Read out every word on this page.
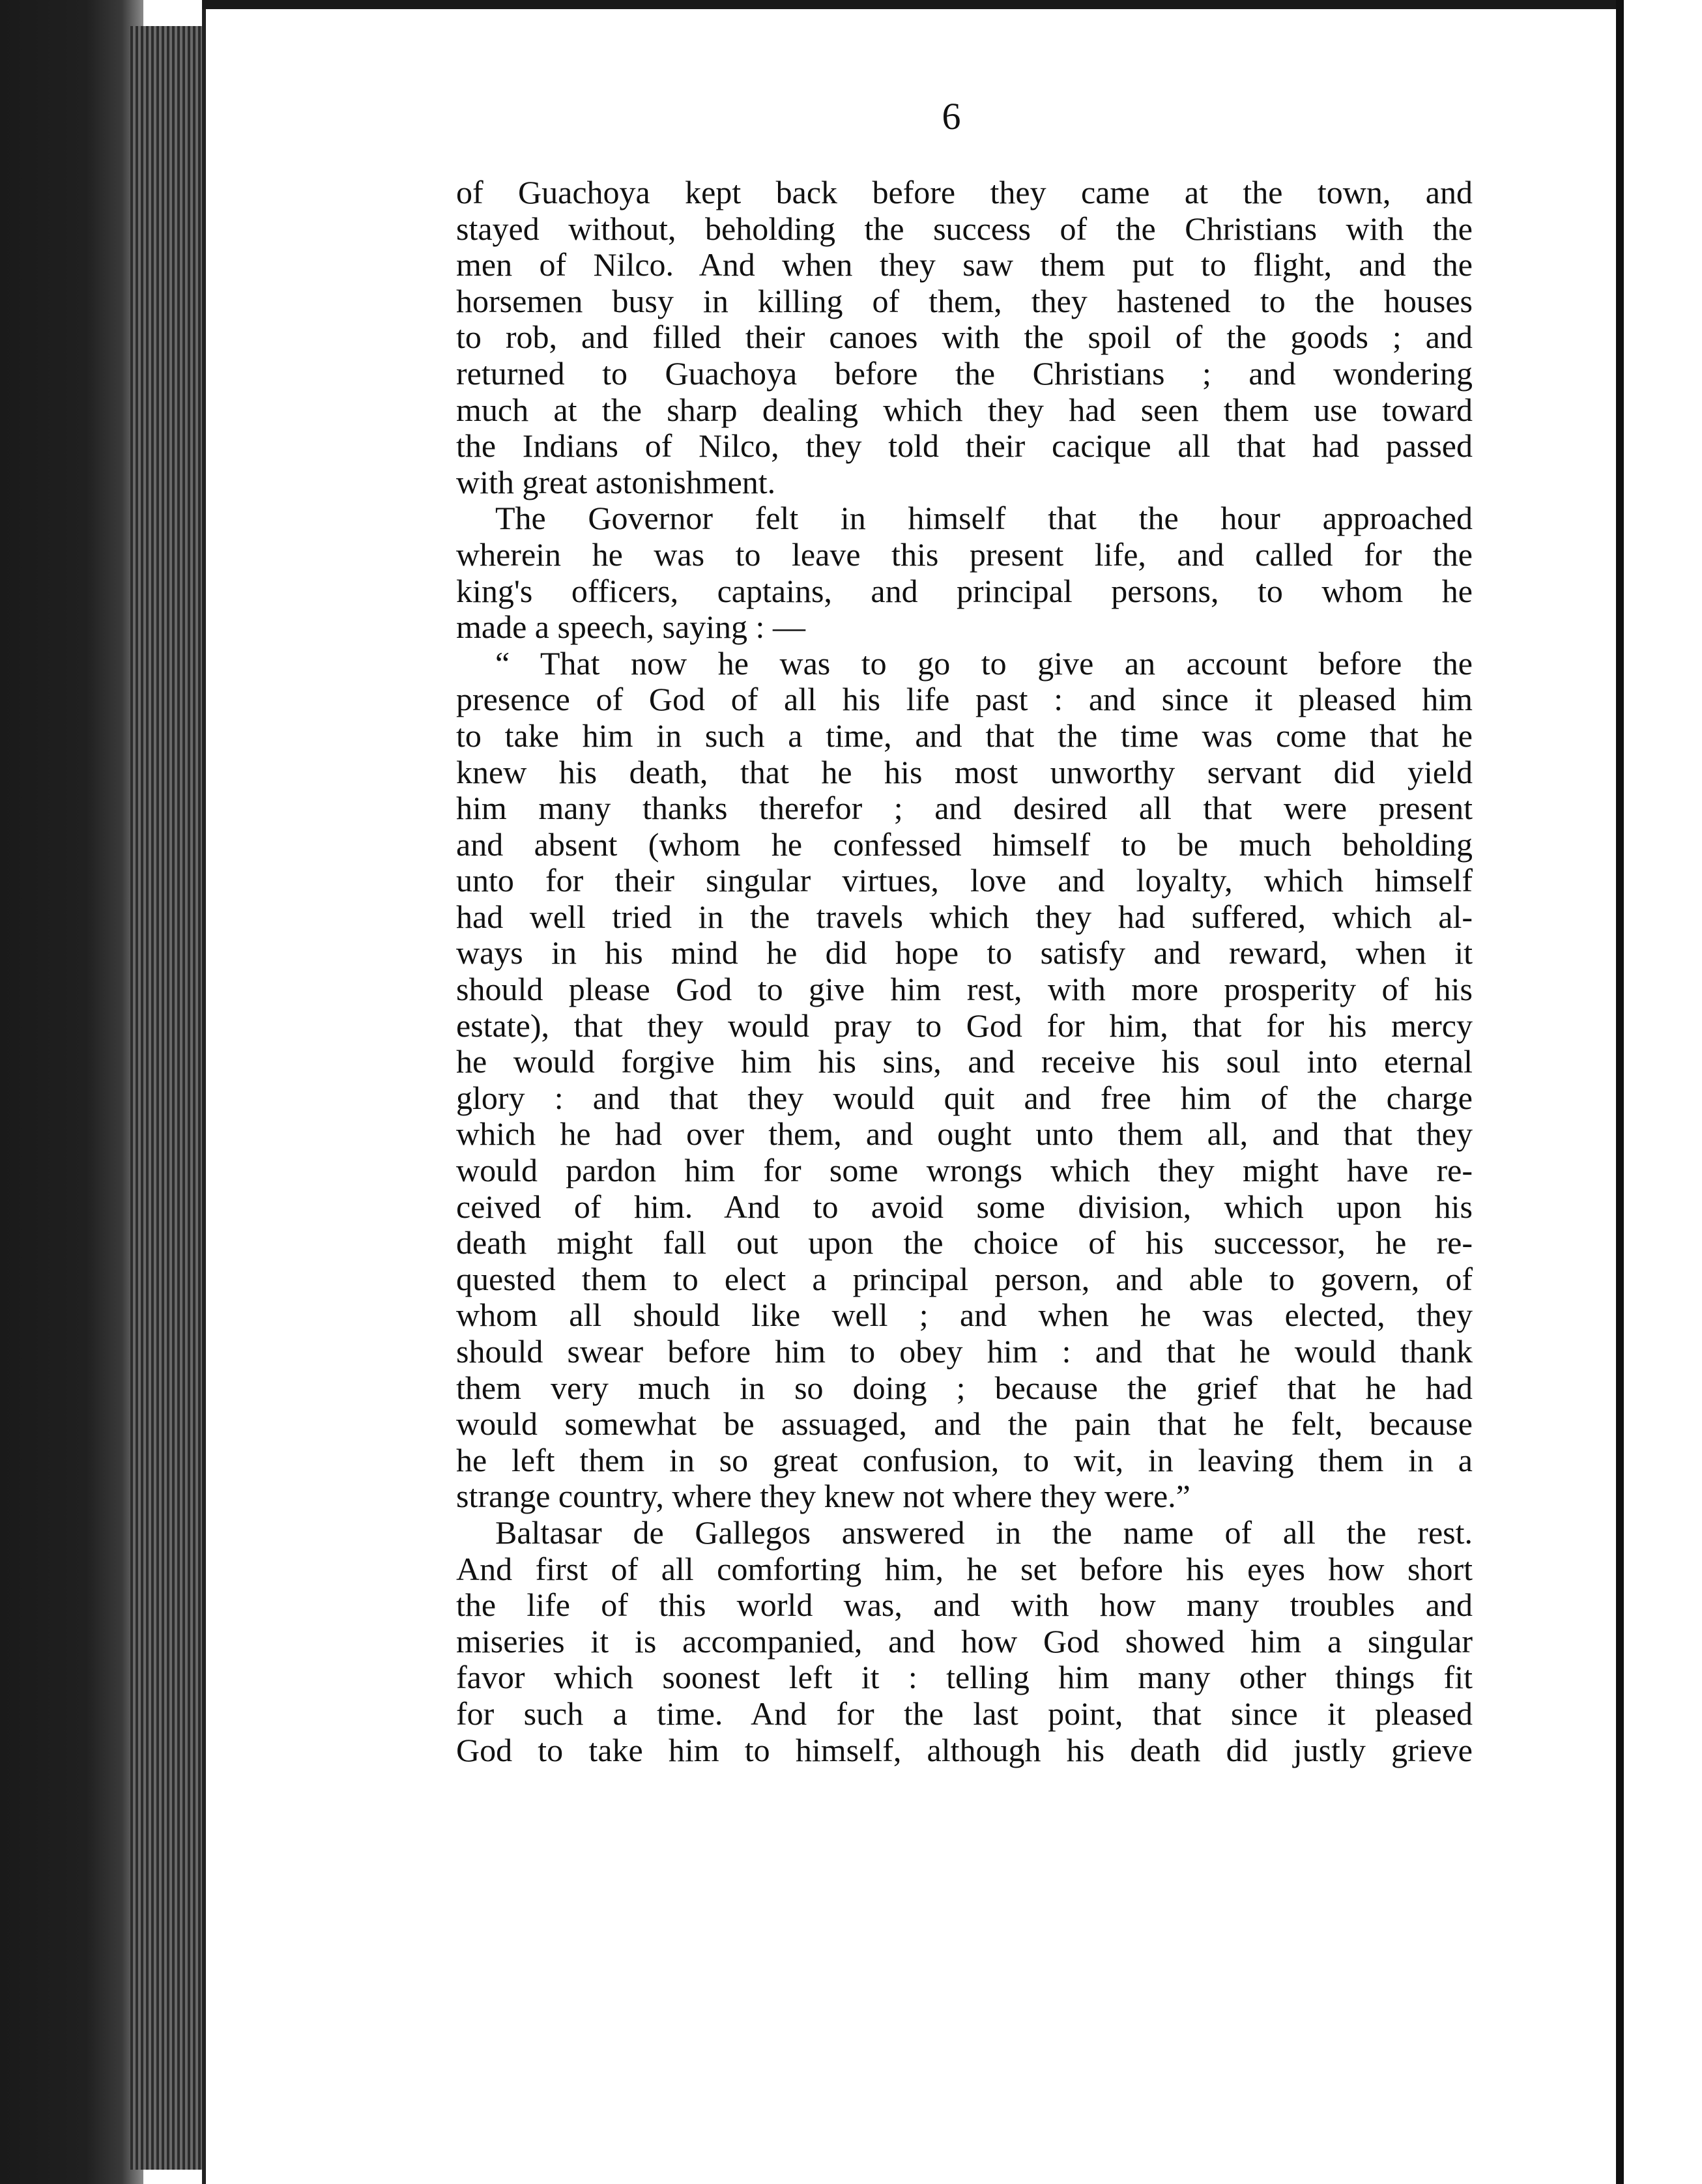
6
of Guachoya kept back before they came at the town, and
stayed without, beholding the success of the Christians with the
men of Nilco. And when they saw them put to flight, and the
horsemen busy in killing of them, they hastened to the houses
to rob, and filled their canoes with the spoil of the goods ; and
returned to Guachoya before the Christians ; and wondering
much at the sharp dealing which they had seen them use toward
the Indians of Nilco, they told their cacique all that had passed
with great astonishment.
The Governor felt in himself that the hour approached
wherein he was to leave this present life, and called for the
king's officers, captains, and principal persons, to whom he
made a speech, saying : —
“ That now he was to go to give an account before the
presence of God of all his life past : and since it pleased him
to take him in such a time, and that the time was come that he
knew his death, that he his most unworthy servant did yield
him many thanks therefor ; and desired all that were present
and absent (whom he confessed himself to be much beholding
unto for their singular virtues, love and loyalty, which himself
had well tried in the travels which they had suffered, which al-
ways in his mind he did hope to satisfy and reward, when it
should please God to give him rest, with more prosperity of his
estate), that they would pray to God for him, that for his mercy
he would forgive him his sins, and receive his soul into eternal
glory : and that they would quit and free him of the charge
which he had over them, and ought unto them all, and that they
would pardon him for some wrongs which they might have re-
ceived of him. And to avoid some division, which upon his
death might fall out upon the choice of his successor, he re-
quested them to elect a principal person, and able to govern, of
whom all should like well ; and when he was elected, they
should swear before him to obey him : and that he would thank
them very much in so doing ; because the grief that he had
would somewhat be assuaged, and the pain that he felt, because
he left them in so great confusion, to wit, in leaving them in a
strange country, where they knew not where they were.”
Baltasar de Gallegos answered in the name of all the rest.
And first of all comforting him, he set before his eyes how short
the life of this world was, and with how many troubles and
miseries it is accompanied, and how God showed him a singular
favor which soonest left it : telling him many other things fit
for such a time. And for the last point, that since it pleased
God to take him to himself, although his death did justly grieve
